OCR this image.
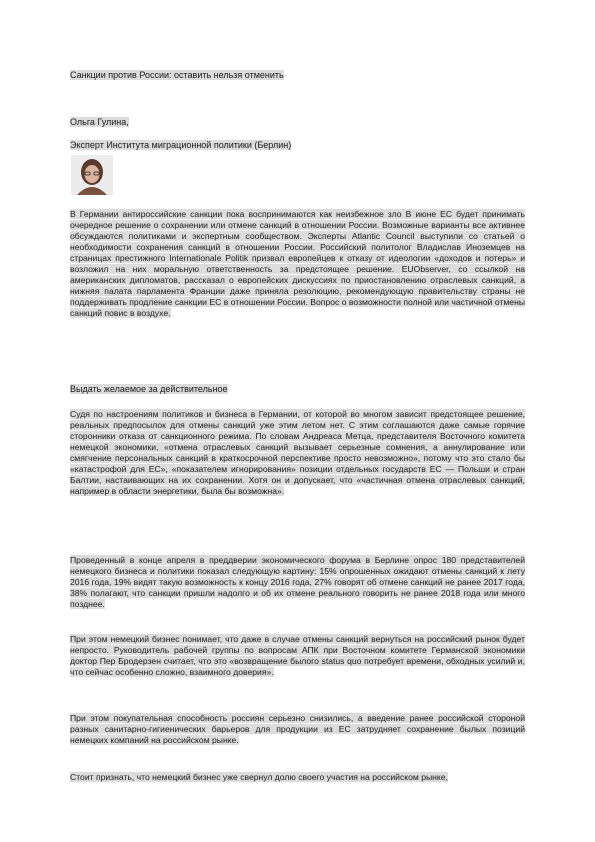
Санкции против России: оставить нельзя отменить
Ольга Гулина,
Эксперт Института миграционной политики (Берлин)
В Германии антироссийские санкции пока воспринимаются как неизбежное зло В июне ЕС будет принимать очередное решение о сохранении или отмене санкций в отношении России. Возможные варианты все активнее обсуждаются политиками и экспертным сообществом. Эксперты Atlantic Council выступили со статьей о необходимости сохранения санкций в отношении России. Российский политолог Владислав Иноземцев на страницах престижного Internationale Politik призвал европейцев к отказу от идеологии «доходов и потерь» и возложил на них моральную ответственность за предстоящее решение. EUObserver, со ссылкой на американских дипломатов, рассказал о европейских дискуссиях по приостановлению отраслевых санкций, а нижняя палата парламента Франции даже приняла резолюцию, рекомендующую правительству страны не поддерживать продление санкции ЕС в отношении России. Вопрос о возможности полной или частичной отмены санкций повис в воздухе.
Выдать желаемое за действительное
Судя по настроениям политиков и бизнеса в Германии, от которой во многом зависит предстоящее решение, реальных предпосылок для отмены санкций уже этим летом нет. С этим соглашаются даже самые горячие сторонники отказа от санкционного режима. По словам Андреаса Метца, представителя Восточного комитета немецкой экономики, «отмена отраслевых санкций вызывает серьезные сомнения, а аннулирование или смягчение персональных санкций в краткосрочной перспективе просто невозможно», потому что это стало бы «катастрофой для ЕС», «показателем игнорирования» позиции отдельных государств ЕС — Польши и стран Балтии, настаивающих на их сохранении. Хотя он и допускает, что «частичная отмена отраслевых санкций, например в области энергетики, была бы возможна».
Проведенный в конце апреля в преддверии экономического форума в Берлине опрос 180 представителей немецкого бизнеса и политики показал следующую картину: 15% опрошенных ожидают отмены санкций к лету 2016 года, 19% видят такую возможность к концу 2016 года, 27% говорят об отмене санкций не ранее 2017 года, 38% полагают, что санкции пришли надолго и об их отмене реального говорить не ранее 2018 года или много позднее.
При этом немецкий бизнес понимает, что даже в случае отмены санкций вернуться на российский рынок будет непросто. Руководитель рабочей группы по вопросам АПК при Восточном комитете Германской экономики доктор Пер Бродерзен считает, что это «возвращение былого status quo потребует времени, обходных усилий и, что сейчас особенно сложно, взаимного доверия».
При этом покупательная способность россиян серьезно снизились, а введение ранее российской стороной разных санитарно-гигиенических барьеров для продукции из ЕС затрудняет сохранение былых позиций немецких компаний на российском рынке.
Стоит признать, что немецкий бизнес уже свернул долю своего участия на российском рынке,
